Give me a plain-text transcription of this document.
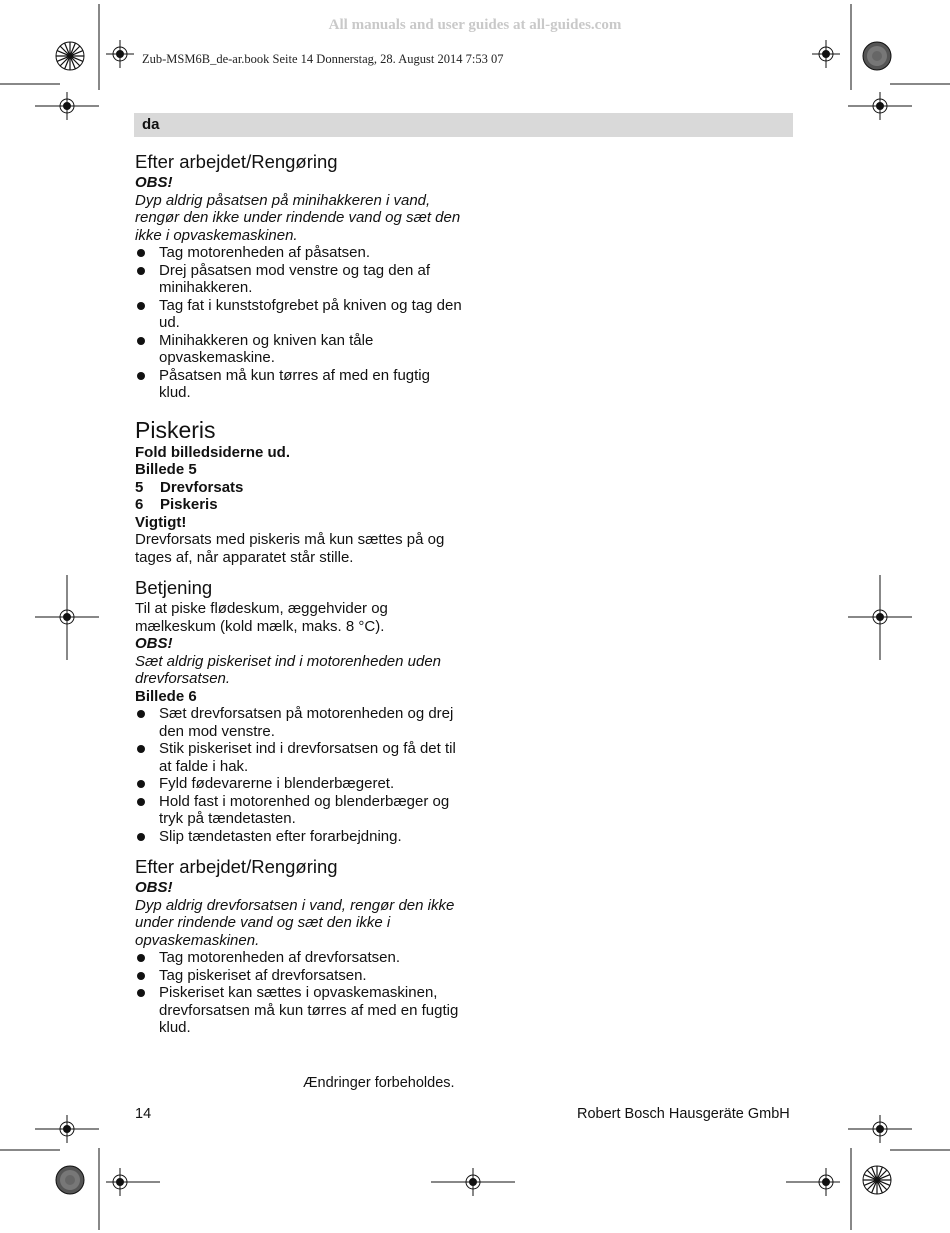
All manuals and user guides at all-guides.com
Zub-MSM6B_de-ar.book Seite 14 Donnerstag, 28. August 2014 7:53 07
da
Efter arbejdet/Rengøring

OBS!

Dyp aldrig påsatsen på minihakkeren i vand, rengør den ikke under rindende vand og sæt den ikke i opvaskemaskinen.

Tag motorenheden af påsatsen.
Drej påsatsen mod venstre og tag den af minihakkeren.
Tag fat i kunststofgrebet på kniven og tag den ud.
Minihakkeren og kniven kan tåle opvaskemaskine.
Påsatsen må kun tørres af med en fugtig klud.
Piskeris

Fold billedsiderne ud.

Billede 5

5 Drevforsats

6 Piskeris

Vigtigt!

Drevforsats med piskeris må kun sættes på og tages af, når apparatet står stille.

Betjening

Til at piske flødeskum, æggehvider og mælkeskum (kold mælk, maks. 8 °C).

OBS!

Sæt aldrig piskeriset ind i motorenheden uden drevforsatsen.

Billede 6

Sæt drevforsatsen på motorenheden og drej den mod venstre.
Stik piskeriset ind i drevforsatsen og få det til at falde i hak.
Fyld fødevarerne i blenderbægeret.
Hold fast i motorenhed og blenderbæger og tryk på tændetasten.
Slip tændetasten efter forarbejdning.
Efter arbejdet/Rengøring

OBS!

Dyp aldrig drevforsatsen i vand, rengør den ikke under rindende vand og sæt den ikke i opvaskemaskinen.

Tag motorenheden af drevforsatsen.
Tag piskeriset af drevforsatsen.
Piskeriset kan sættes i opvaskemaskinen, drevforsatsen må kun tørres af med en fugtig klud.
Ændringer forbeholdes.
14	Robert Bosch Hausgeräte GmbH
